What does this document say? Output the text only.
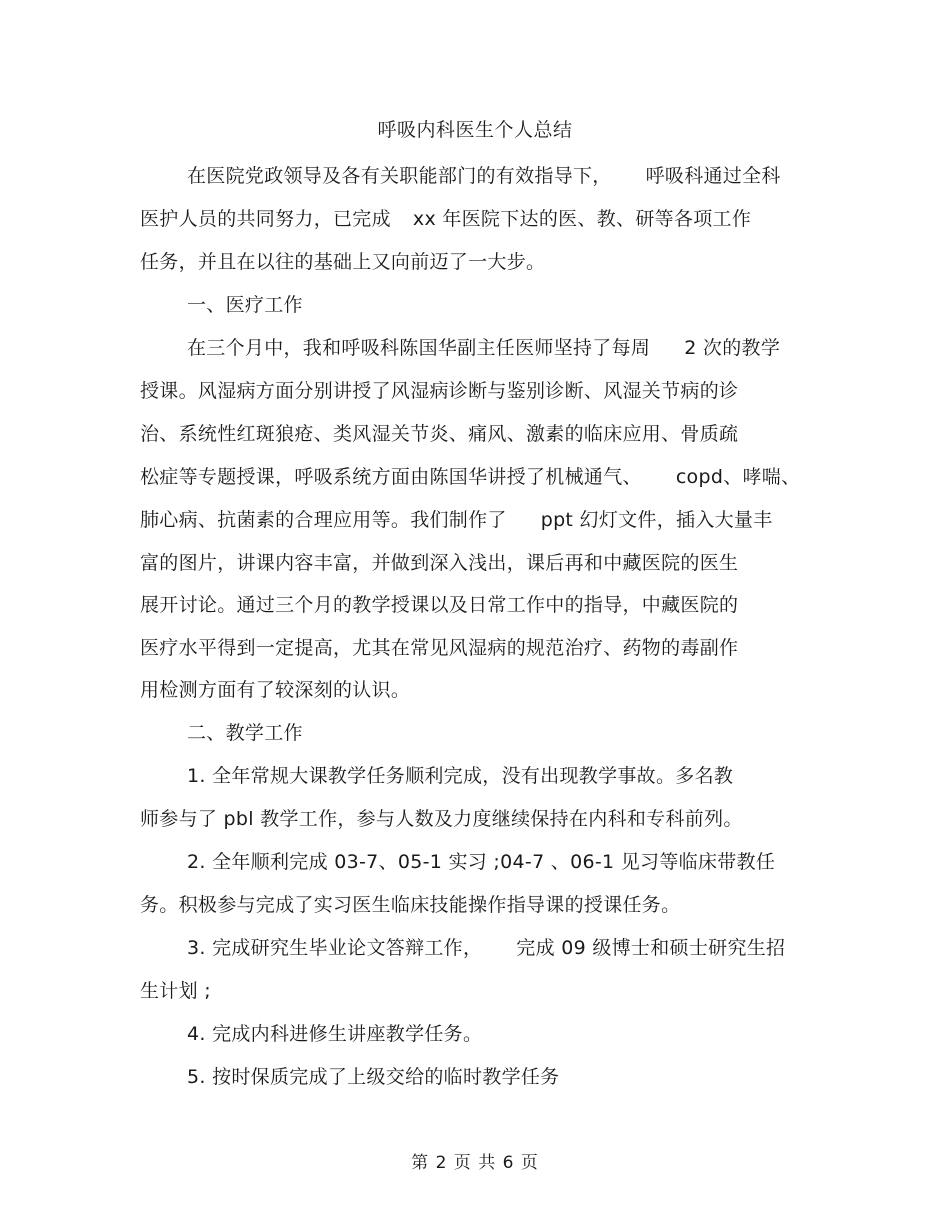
呼吸内科医生个人总结
在医院党政领导及各有关职能部门的有效指导下， 呼吸科通过全科
医护人员的共同努力，已完成 xx 年医院下达的医、教、研等各项工作
任务，并且在以往的基础上又向前迈了一大步。
一、医疗工作
在三个月中，我和呼吸科陈国华副主任医师坚持了每周 2 次的教学
授课。风湿病方面分别讲授了风湿病诊断与鉴别诊断、风湿关节病的诊
治、系统性红斑狼疮、类风湿关节炎、痛风、激素的临床应用、骨质疏
松症等专题授课，呼吸系统方面由陈国华讲授了机械通气、 copd、哮喘、
肺心病、抗菌素的合理应用等。我们制作了 ppt 幻灯文件，插入大量丰
富的图片，讲课内容丰富，并做到深入浅出，课后再和中藏医院的医生
展开讨论。通过三个月的教学授课以及日常工作中的指导，中藏医院的
医疗水平得到一定提高，尤其在常见风湿病的规范治疗、药物的毒副作
用检测方面有了较深刻的认识。
二、教学工作
1. 全年常规大课教学任务顺利完成，没有出现教学事故。多名教
师参与了 pbl 教学工作，参与人数及力度继续保持在内科和专科前列。
2. 全年顺利完成 03-7、05-1 实习 ;04-7 、06-1 见习等临床带教任
务。积极参与完成了实习医生临床技能操作指导课的授课任务。
3. 完成研究生毕业论文答辩工作， 完成 09 级博士和硕士研究生招
生计划 ;
4. 完成内科进修生讲座教学任务。
5. 按时保质完成了上级交给的临时教学任务
第 2 页 共 6 页
